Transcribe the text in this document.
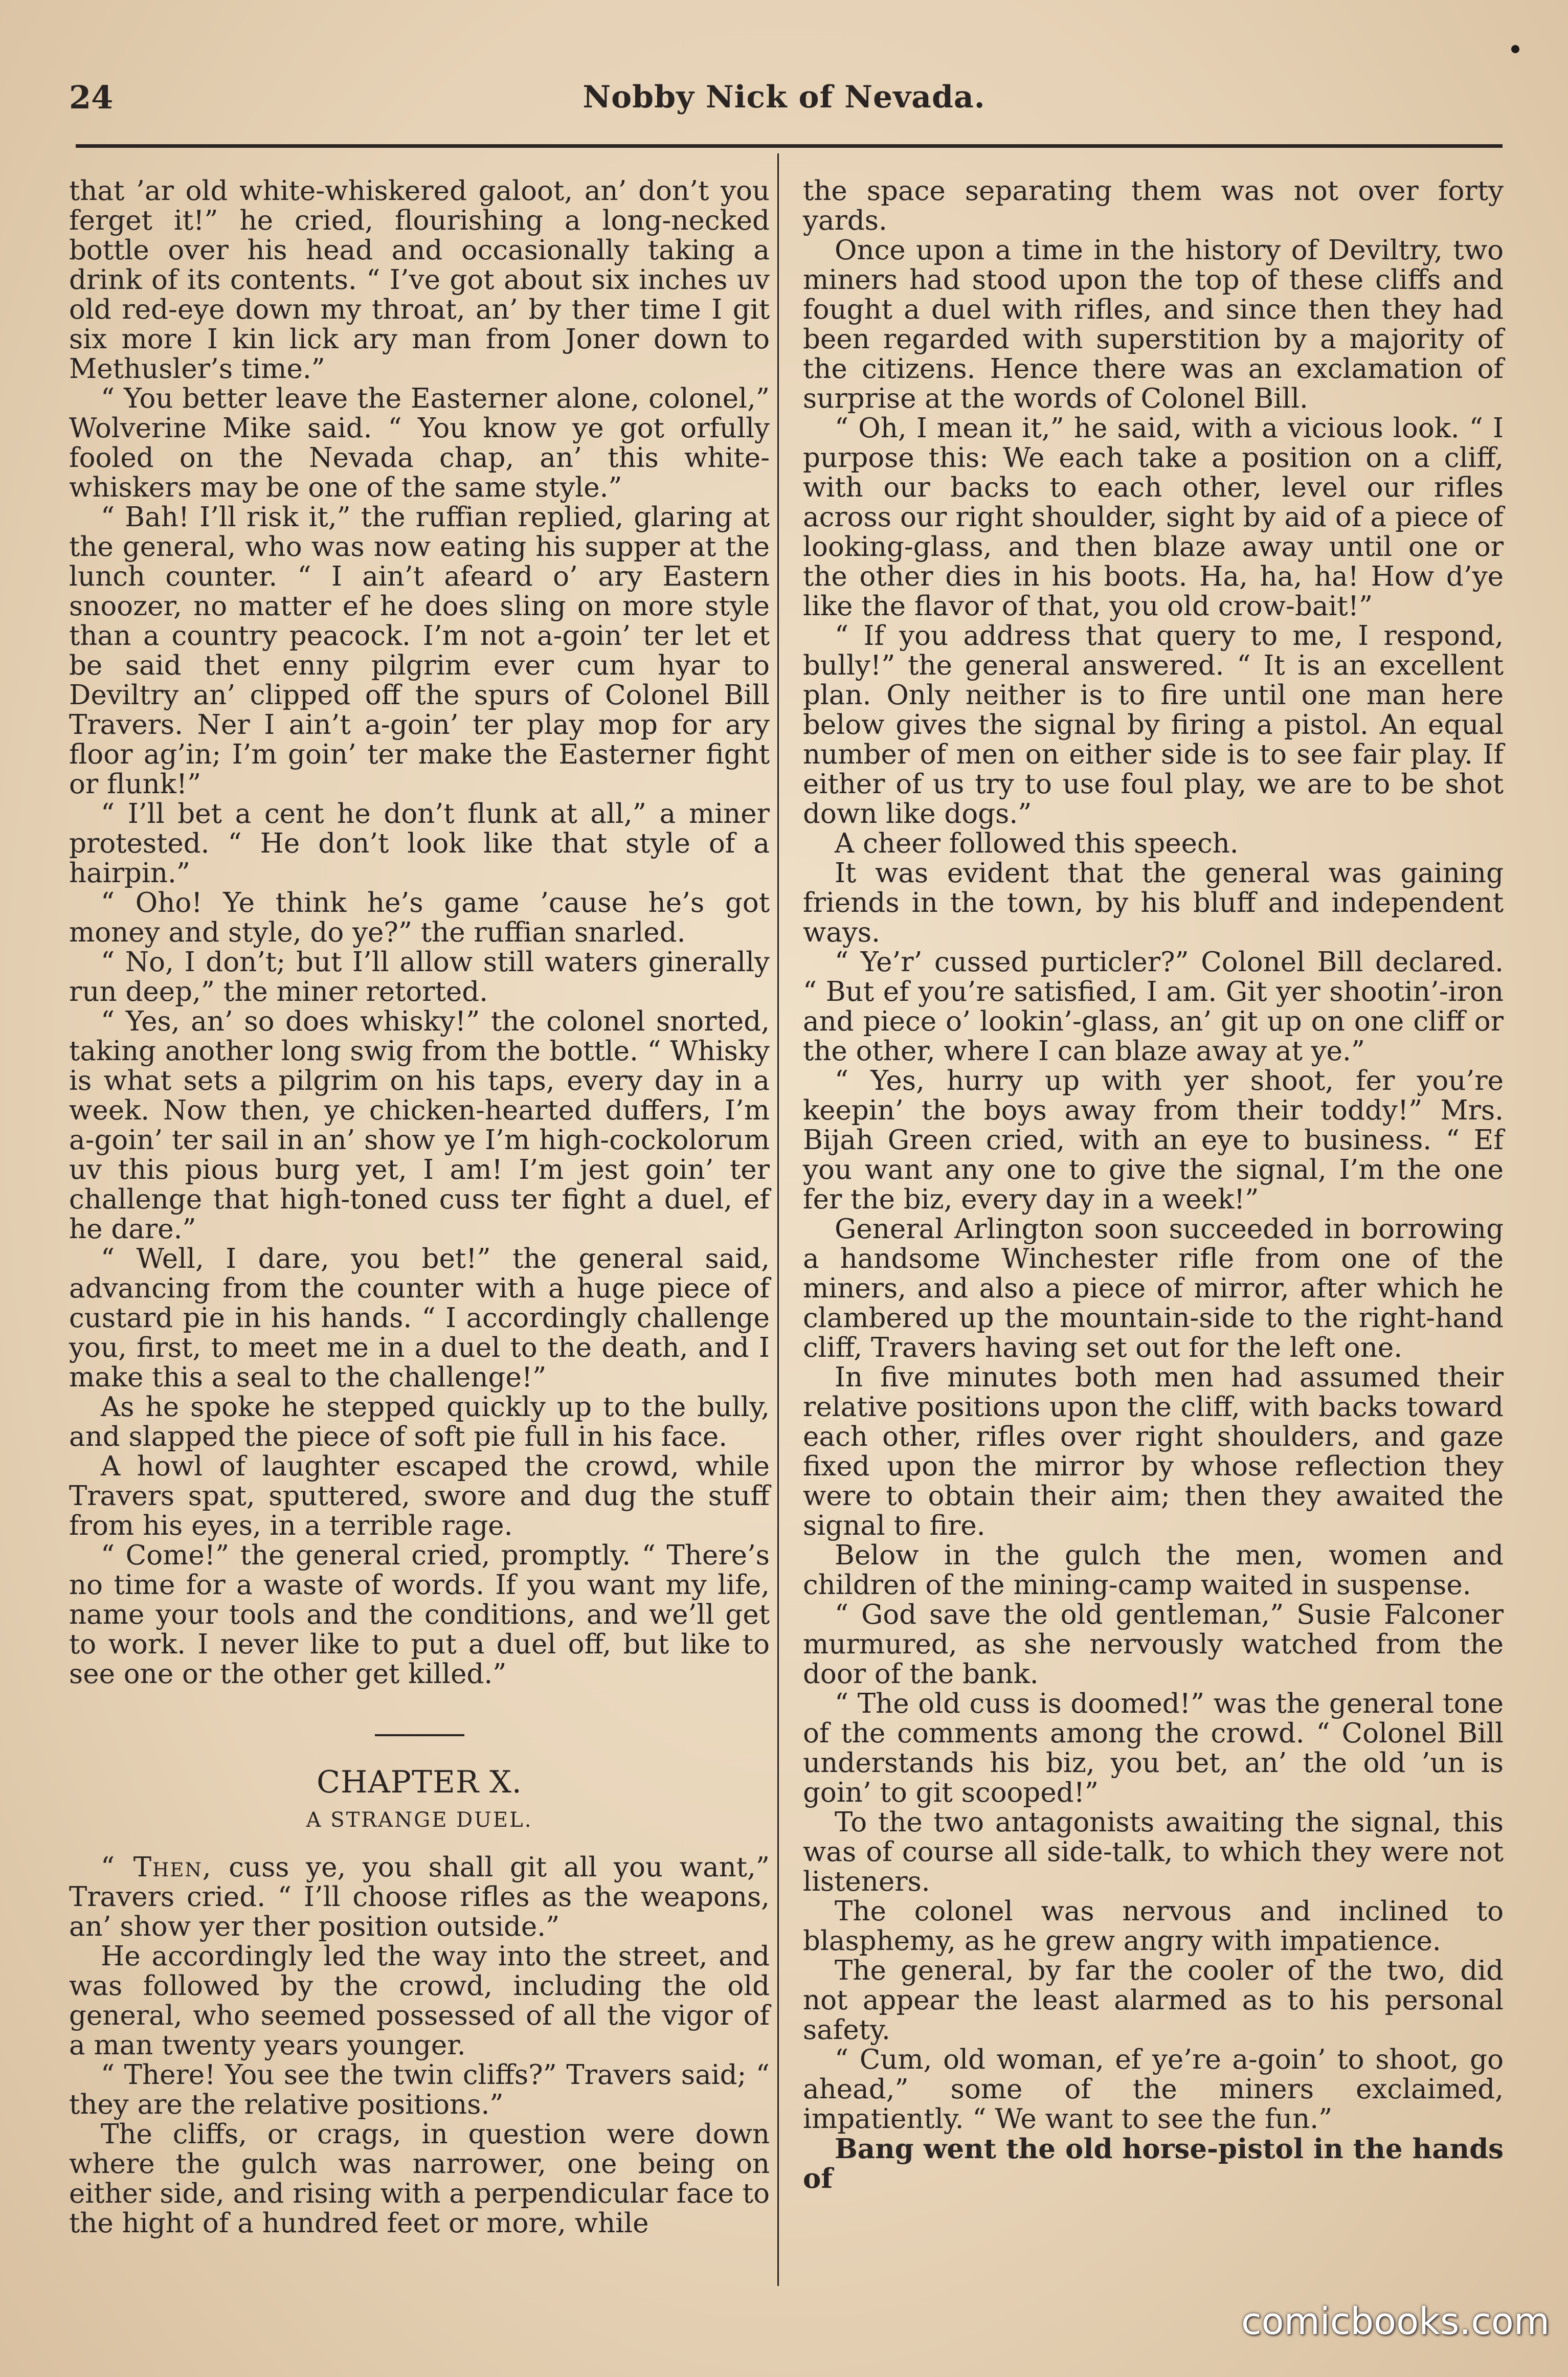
24	Nobby Nick of Nevada.

that ’ar old white-whiskered galoot, an’ don’t you ferget it!” he cried, flourishing a long-necked bottle over his head and occasionally taking a drink of its contents. “ I’ve got about six inches uv old red-eye down my throat, an’ by ther time I git six more I kin lick ary man from Joner down to Methusler’s time.”

“ You better leave the Easterner alone, colonel,” Wolverine Mike said. “ You know ye got orfully fooled on the Nevada chap, an’ this white-whiskers may be one of the same style.”

“ Bah! I’ll risk it,” the ruffian replied, glaring at the general, who was now eating his supper at the lunch counter. “ I ain’t afeard o’ ary Eastern snoozer, no matter ef he does sling on more style than a country peacock. I’m not a-goin’ ter let et be said thet enny pilgrim ever cum hyar to Deviltry an’ clipped off the spurs of Colonel Bill Travers. Ner I ain’t a-goin’ ter play mop for ary floor ag’in; I’m goin’ ter make the Easterner fight or flunk!”

“ I’ll bet a cent he don’t flunk at all,” a miner protested. “ He don’t look like that style of a hairpin.”

“ Oho! Ye think he’s game ’cause he’s got money and style, do ye?” the ruffian snarled.

“ No, I don’t; but I’ll allow still waters ginerally run deep,” the miner retorted.

“ Yes, an’ so does whisky!” the colonel snorted, taking another long swig from the bottle. “ Whisky is what sets a pilgrim on his taps, every day in a week. Now then, ye chicken-hearted duffers, I’m a-goin’ ter sail in an’ show ye I’m high-cockolorum uv this pious burg yet, I am! I’m jest goin’ ter challenge that high-toned cuss ter fight a duel, ef he dare.”

“ Well, I dare, you bet!” the general said, advancing from the counter with a huge piece of custard pie in his hands. “ I accordingly challenge you, first, to meet me in a duel to the death, and I make this a seal to the challenge!”

As he spoke he stepped quickly up to the bully, and slapped the piece of soft pie full in his face.

A howl of laughter escaped the crowd, while Travers spat, sputtered, swore and dug the stuff from his eyes, in a terrible rage.

“ Come!” the general cried, promptly. “ There’s no time for a waste of words. If you want my life, name your tools and the conditions, and we’ll get to work. I never like to put a duel off, but like to see one or the other get killed.”

CHAPTER X.
A STRANGE DUEL.

“ Then, cuss ye, you shall git all you want,” Travers cried. “ I’ll choose rifles as the weapons, an’ show yer ther position outside.”

He accordingly led the way into the street, and was followed by the crowd, including the old general, who seemed possessed of all the vigor of a man twenty years younger.

“ There! You see the twin cliffs?” Travers said; “ they are the relative positions.”

The cliffs, or crags, in question were down where the gulch was narrower, one being on either side, and rising with a perpendicular face to the hight of a hundred feet or more, while

the space separating them was not over forty yards.

Once upon a time in the history of Deviltry, two miners had stood upon the top of these cliffs and fought a duel with rifles, and since then they had been regarded with superstition by a majority of the citizens. Hence there was an exclamation of surprise at the words of Colonel Bill.

“ Oh, I mean it,” he said, with a vicious look. “ I purpose this: We each take a position on a cliff, with our backs to each other, level our rifles across our right shoulder, sight by aid of a piece of looking-glass, and then blaze away until one or the other dies in his boots. Ha, ha, ha! How d’ye like the flavor of that, you old crow-bait!”

“ If you address that query to me, I respond, bully!” the general answered. “ It is an excellent plan. Only neither is to fire until one man here below gives the signal by firing a pistol. An equal number of men on either side is to see fair play. If either of us try to use foul play, we are to be shot down like dogs.”

A cheer followed this speech.

It was evident that the general was gaining friends in the town, by his bluff and independent ways.

“ Ye’r’ cussed purticler?” Colonel Bill declared. “ But ef you’re satisfied, I am. Git yer shootin’-iron and piece o’ lookin’-glass, an’ git up on one cliff or the other, where I can blaze away at ye.”

“ Yes, hurry up with yer shoot, fer you’re keepin’ the boys away from their toddy!” Mrs. Bijah Green cried, with an eye to business. “ Ef you want any one to give the signal, I’m the one fer the biz, every day in a week!”

General Arlington soon succeeded in borrowing a handsome Winchester rifle from one of the miners, and also a piece of mirror, after which he clambered up the mountain-side to the right-hand cliff, Travers having set out for the left one.

In five minutes both men had assumed their relative positions upon the cliff, with backs toward each other, rifles over right shoulders, and gaze fixed upon the mirror by whose reflection they were to obtain their aim; then they awaited the signal to fire.

Below in the gulch the men, women and children of the mining-camp waited in suspense.

“ God save the old gentleman,” Susie Falconer murmured, as she nervously watched from the door of the bank.

“ The old cuss is doomed!” was the general tone of the comments among the crowd. “ Colonel Bill understands his biz, you bet, an’ the old ’un is goin’ to git scooped!”

To the two antagonists awaiting the signal, this was of course all side-talk, to which they were not listeners.

The colonel was nervous and inclined to blasphemy, as he grew angry with impatience.

The general, by far the cooler of the two, did not appear the least alarmed as to his personal safety.

“ Cum, old woman, ef ye’re a-goin’ to shoot, go ahead,” some of the miners exclaimed, impatiently. “ We want to see the fun.”

Bang went the old horse-pistol in the hands of

comicbooks.com
